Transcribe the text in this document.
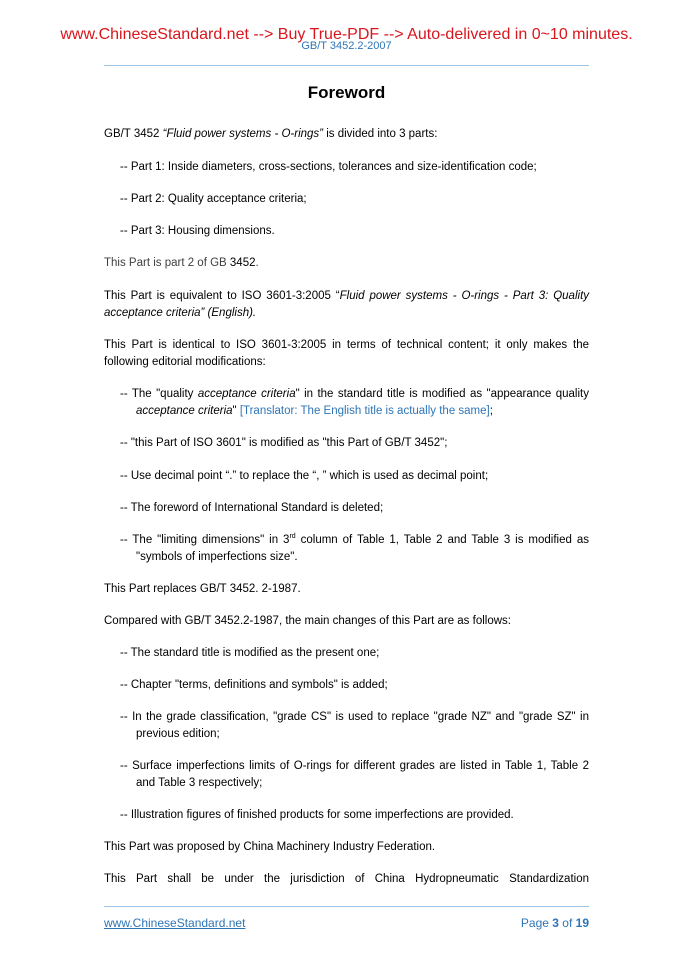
www.ChineseStandard.net --> Buy True-PDF --> Auto-delivered in 0~10 minutes.
GB/T 3452.2-2007
Foreword

GB/T 3452 “Fluid power systems - O-rings” is divided into 3 parts:

-- Part 1: Inside diameters, cross-sections, tolerances and size-identification code;

-- Part 2: Quality acceptance criteria;

-- Part 3: Housing dimensions.

This Part is part 2 of GB 3452.

This Part is equivalent to ISO 3601-3:2005 “Fluid power systems - O-rings - Part 3: Quality acceptance criteria” (English).

This Part is identical to ISO 3601-3:2005 in terms of technical content; it only makes the following editorial modifications:

-- The "quality acceptance criteria" in the standard title is modified as "appearance quality acceptance criteria" [Translator: The English title is actually the same];

-- "this Part of ISO 3601" is modified as "this Part of GB/T 3452";

-- Use decimal point “.” to replace the “, ” which is used as decimal point;

-- The foreword of International Standard is deleted;

-- The "limiting dimensions" in 3rd column of Table 1, Table 2 and Table 3 is modified as "symbols of imperfections size".

This Part replaces GB/T 3452. 2-1987.

Compared with GB/T 3452.2-1987, the main changes of this Part are as follows:

-- The standard title is modified as the present one;

-- Chapter "terms, definitions and symbols" is added;

-- In the grade classification, "grade CS" is used to replace "grade NZ" and "grade SZ" in previous edition;

-- Surface imperfections limits of O-rings for different grades are listed in Table 1, Table 2 and Table 3 respectively;

-- Illustration figures of finished products for some imperfections are provided.

This Part was proposed by China Machinery Industry Federation.

This Part shall be under the jurisdiction of China Hydropneumatic Standardization

www.ChineseStandard.net	Page 3 of 19
